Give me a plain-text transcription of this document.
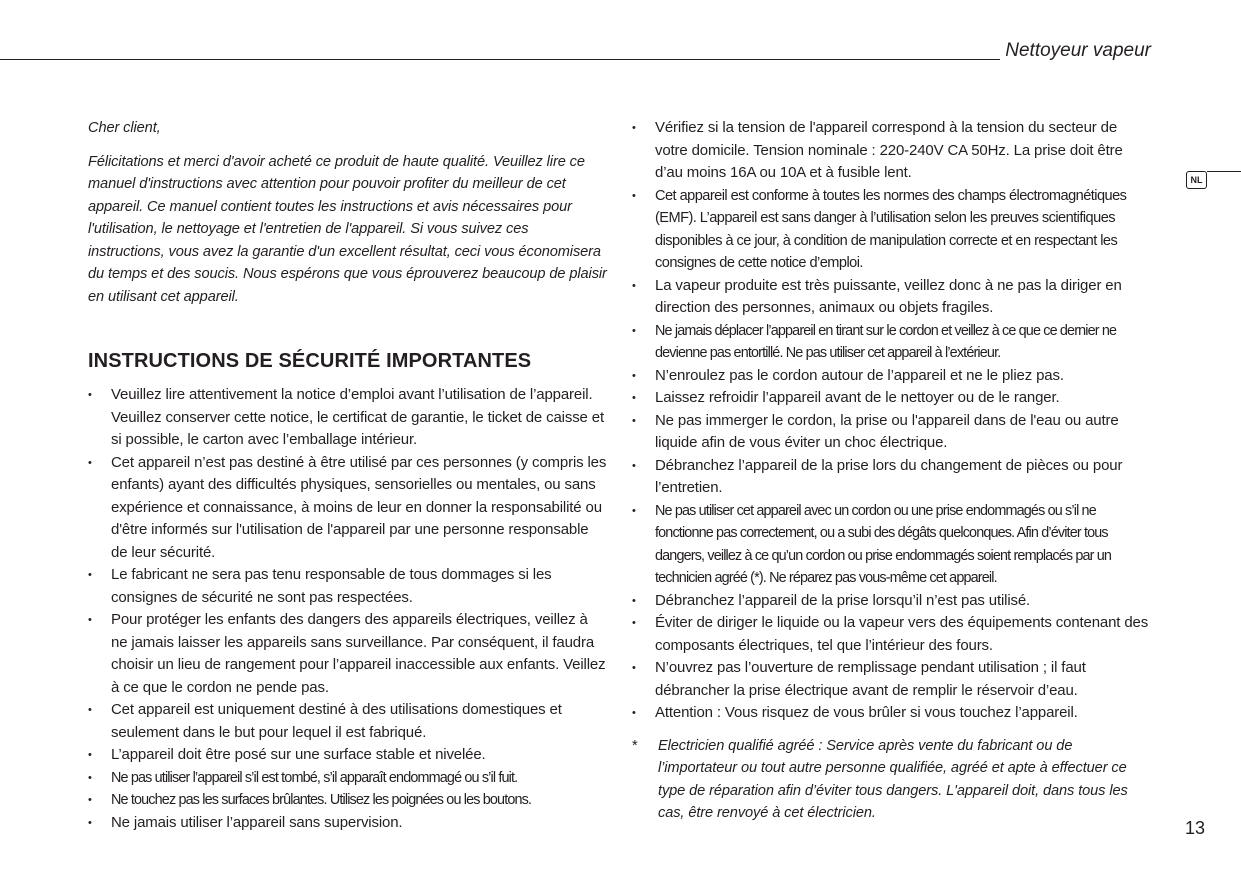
Nettoyeur vapeur
NL

Cher client,

Félicitations et merci d'avoir acheté ce produit de haute qualité. Veuillez lire ce manuel d'instructions avec attention pour pouvoir profiter du meilleur de cet appareil. Ce manuel contient toutes les instructions et avis nécessaires pour l'utilisation, le nettoyage et l'entretien de l'appareil. Si vous suivez ces instructions, vous avez la garantie d'un excellent résultat, ceci vous économisera du temps et des soucis. Nous espérons que vous éprouverez beaucoup de plaisir en utilisant cet appareil.

INSTRUCTIONS DE SÉCURITÉ IMPORTANTES
• Veuillez lire attentivement la notice d’emploi avant l’utilisation de l’appareil. Veuillez conserver cette notice, le certificat de garantie, le ticket de caisse et si possible, le carton avec l’emballage intérieur.
• Cet appareil n’est pas destiné à être utilisé par ces personnes (y compris les enfants) ayant des difficultés physiques, sensorielles ou mentales, ou sans expérience et connaissance, à moins de leur en donner la responsabilité ou d'être informés sur l'utilisation de l'appareil par une personne responsable de leur sécurité.
• Le fabricant ne sera pas tenu responsable de tous dommages si les consignes de sécurité ne sont pas respectées.
• Pour protéger les enfants des dangers des appareils électriques, veillez à ne jamais laisser les appareils sans surveillance. Par conséquent, il faudra choisir un lieu de rangement pour l’appareil inaccessible aux enfants. Veillez à ce que le cordon ne pende pas.
• Cet appareil est uniquement destiné à des utilisations domestiques et seulement dans le but pour lequel il est fabriqué.
• L’appareil doit être posé sur une surface stable et nivelée.
• Ne pas utiliser l’appareil s’il est tombé, s’il apparaît endommagé ou s’il fuit.
• Ne touchez pas les surfaces brûlantes. Utilisez les poignées ou les boutons.
• Ne jamais utiliser l’appareil sans supervision.
• Vérifiez si la tension de l'appareil correspond à la tension du secteur de votre domicile. Tension nominale : 220-240V CA 50Hz. La prise doit être d’au moins 16A ou 10A et à fusible lent.
• Cet appareil est conforme à toutes les normes des champs électromagnétiques (EMF). L’appareil est sans danger à l’utilisation selon les preuves scientifiques disponibles à ce jour, à condition de manipulation correcte et en respectant les consignes de cette notice d’emploi.
• La vapeur produite est très puissante, veillez donc à ne pas la diriger en direction des personnes, animaux ou objets fragiles.
• Ne jamais déplacer l’appareil en tirant sur le cordon et veillez à ce que ce dernier ne devienne pas entortillé. Ne pas utiliser cet appareil à l’extérieur.
• N’enroulez pas le cordon autour de l’appareil et ne le pliez pas.
• Laissez refroidir l’appareil avant de le nettoyer ou de le ranger.
• Ne pas immerger le cordon, la prise ou l'appareil dans de l'eau ou autre liquide afin de vous éviter un choc électrique.
• Débranchez l’appareil de la prise lors du changement de pièces ou pour l’entretien.
• Ne pas utiliser cet appareil avec un cordon ou une prise endommagés ou s’il ne fonctionne pas correctement, ou a subi des dégâts quelconques. Afin d’éviter tous dangers, veillez à ce qu’un cordon ou prise endommagés soient remplacés par un technicien agréé (*). Ne réparez pas vous-même cet appareil.
• Débranchez l’appareil de la prise lorsqu’il n’est pas utilisé.
• Éviter de diriger le liquide ou la vapeur vers des équipements contenant des composants électriques, tel que l’intérieur des fours.
• N’ouvrez pas l’ouverture de remplissage pendant utilisation ; il faut débrancher la prise électrique avant de remplir le réservoir d’eau.
• Attention : Vous risquez de vous brûler si vous touchez l’appareil.
* Electricien qualifié agréé : Service après vente du fabricant ou de l’importateur ou tout autre personne qualifiée, agréé et apte à effectuer ce type de réparation afin d’éviter tous dangers. L'appareil doit, dans tous les cas, être renvoyé à cet électricien.
13
